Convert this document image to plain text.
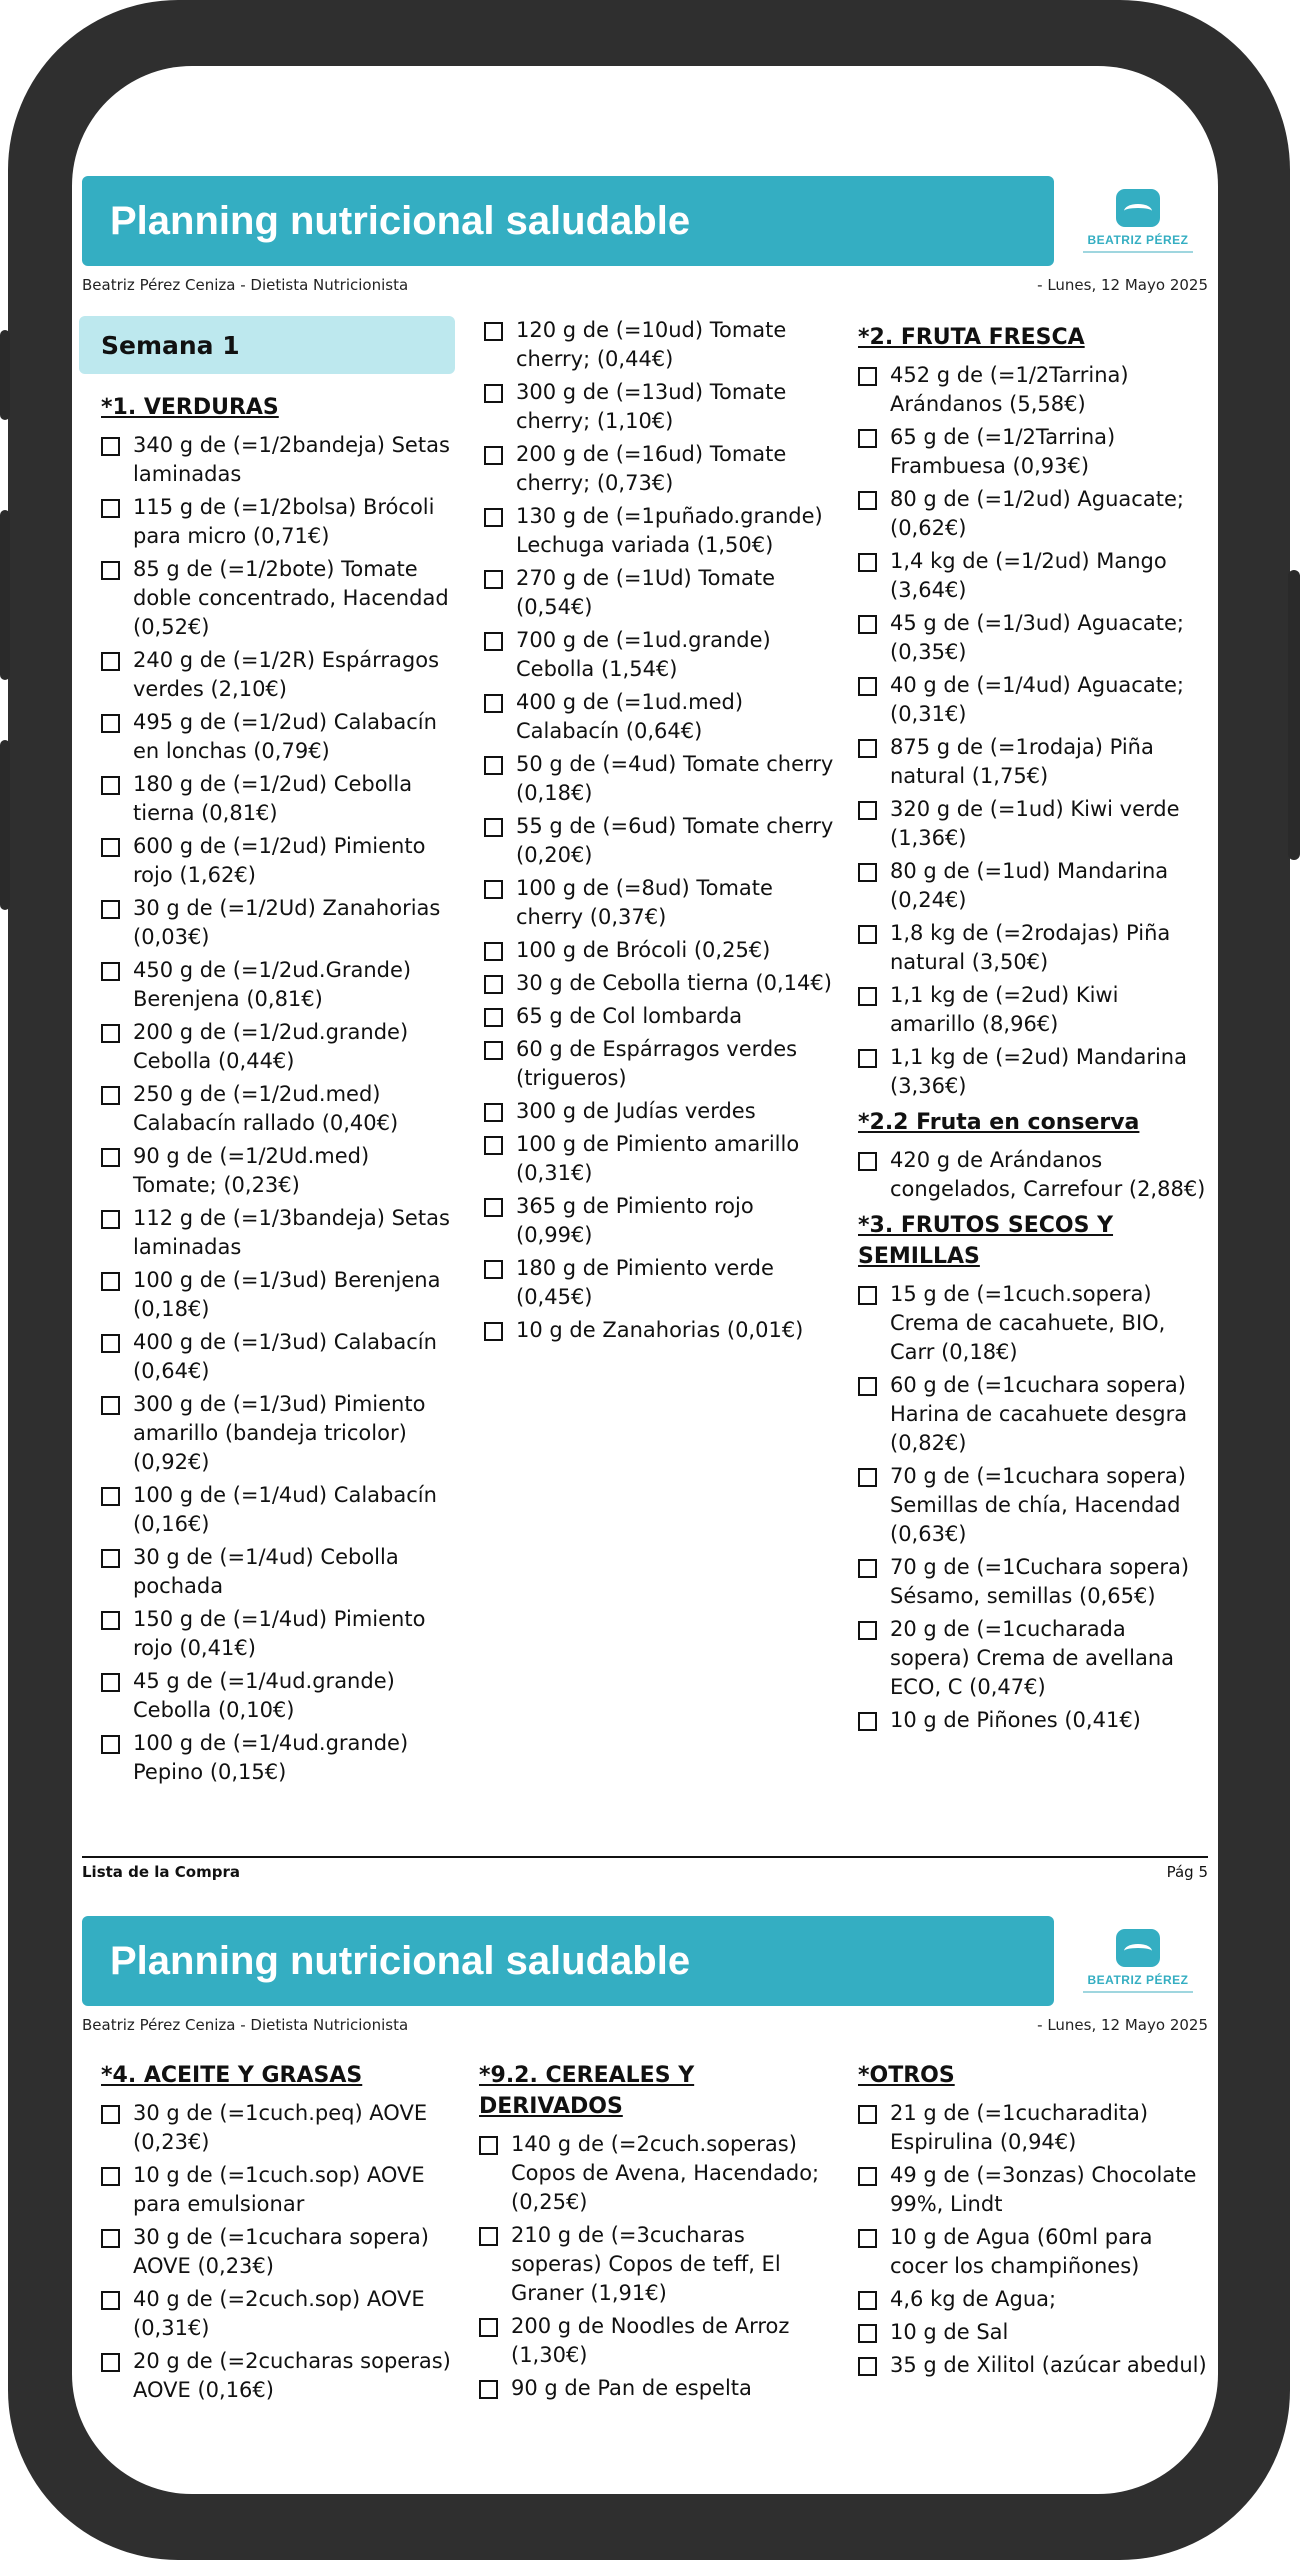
Planning nutricional saludable	BEATRIZ PÉREZ
Beatriz Pérez Ceniza - Dietista Nutricionista	- Lunes, 12 Mayo 2025
Semana 1
*1. VERDURAS
340 g de (=1/2bandeja) Setas laminadas
115 g de (=1/2bolsa) Brócoli para micro (0,71€)
85 g de (=1/2bote) Tomate doble concentrado, Hacendad (0,52€)
240 g de (=1/2R) Espárragos verdes (2,10€)
495 g de (=1/2ud) Calabacín en lonchas (0,79€)
180 g de (=1/2ud) Cebolla tierna (0,81€)
600 g de (=1/2ud) Pimiento rojo (1,62€)
30 g de (=1/2Ud) Zanahorias (0,03€)
450 g de (=1/2ud.Grande) Berenjena (0,81€)
200 g de (=1/2ud.grande) Cebolla (0,44€)
250 g de (=1/2ud.med) Calabacín rallado (0,40€)
90 g de (=1/2Ud.med) Tomate; (0,23€)
112 g de (=1/3bandeja) Setas laminadas
100 g de (=1/3ud) Berenjena (0,18€)
400 g de (=1/3ud) Calabacín (0,64€)
300 g de (=1/3ud) Pimiento amarillo (bandeja tricolor) (0,92€)
100 g de (=1/4ud) Calabacín (0,16€)
30 g de (=1/4ud) Cebolla pochada
150 g de (=1/4ud) Pimiento rojo (0,41€)
45 g de (=1/4ud.grande) Cebolla (0,10€)
100 g de (=1/4ud.grande) Pepino (0,15€)
120 g de (=10ud) Tomate cherry; (0,44€)
300 g de (=13ud) Tomate cherry; (1,10€)
200 g de (=16ud) Tomate cherry; (0,73€)
130 g de (=1puñado.grande) Lechuga variada (1,50€)
270 g de (=1Ud) Tomate (0,54€)
700 g de (=1ud.grande) Cebolla (1,54€)
400 g de (=1ud.med) Calabacín (0,64€)
50 g de (=4ud) Tomate cherry (0,18€)
55 g de (=6ud) Tomate cherry (0,20€)
100 g de (=8ud) Tomate cherry (0,37€)
100 g de Brócoli (0,25€)
30 g de Cebolla tierna (0,14€)
65 g de Col lombarda
60 g de Espárragos verdes (trigueros)
300 g de Judías verdes
100 g de Pimiento amarillo (0,31€)
365 g de Pimiento rojo (0,99€)
180 g de Pimiento verde (0,45€)
10 g de Zanahorias (0,01€)
*2. FRUTA FRESCA
452 g de (=1/2Tarrina) Arándanos (5,58€)
65 g de (=1/2Tarrina) Frambuesa (0,93€)
80 g de (=1/2ud) Aguacate; (0,62€)
1,4 kg de (=1/2ud) Mango (3,64€)
45 g de (=1/3ud) Aguacate; (0,35€)
40 g de (=1/4ud) Aguacate; (0,31€)
875 g de (=1rodaja) Piña natural (1,75€)
320 g de (=1ud) Kiwi verde (1,36€)
80 g de (=1ud) Mandarina (0,24€)
1,8 kg de (=2rodajas) Piña natural (3,50€)
1,1 kg de (=2ud) Kiwi amarillo (8,96€)
1,1 kg de (=2ud) Mandarina (3,36€)
*2.2 Fruta en conserva
420 g de Arándanos congelados, Carrefour (2,88€)
*3. FRUTOS SECOS Y SEMILLAS
15 g de (=1cuch.sopera) Crema de cacahuete, BIO, Carr (0,18€)
60 g de (=1cuchara sopera) Harina de cacahuete desgra (0,82€)
70 g de (=1cuchara sopera) Semillas de chía, Hacendad (0,63€)
70 g de (=1Cuchara sopera) Sésamo, semillas (0,65€)
20 g de (=1cucharada sopera) Crema de avellana ECO, C (0,47€)
10 g de Piñones (0,41€)
Lista de la Compra	Pág 5
Planning nutricional saludable	BEATRIZ PÉREZ
Beatriz Pérez Ceniza - Dietista Nutricionista	- Lunes, 12 Mayo 2025
*4. ACEITE Y GRASAS
30 g de (=1cuch.peq) AOVE (0,23€)
10 g de (=1cuch.sop) AOVE para emulsionar
30 g de (=1cuchara sopera) AOVE (0,23€)
40 g de (=2cuch.sop) AOVE (0,31€)
20 g de (=2cucharas soperas) AOVE (0,16€)
*9.2. CEREALES Y DERIVADOS
140 g de (=2cuch.soperas) Copos de Avena, Hacendado; (0,25€)
210 g de (=3cucharas soperas) Copos de teff, El Graner (1,91€)
200 g de Noodles de Arroz (1,30€)
90 g de Pan de espelta
*OTROS
21 g de (=1cucharadita) Espirulina (0,94€)
49 g de (=3onzas) Chocolate 99%, Lindt
10 g de Agua (60ml para cocer los champiñones)
4,6 kg de Agua;
10 g de Sal
35 g de Xilitol (azúcar abedul)
